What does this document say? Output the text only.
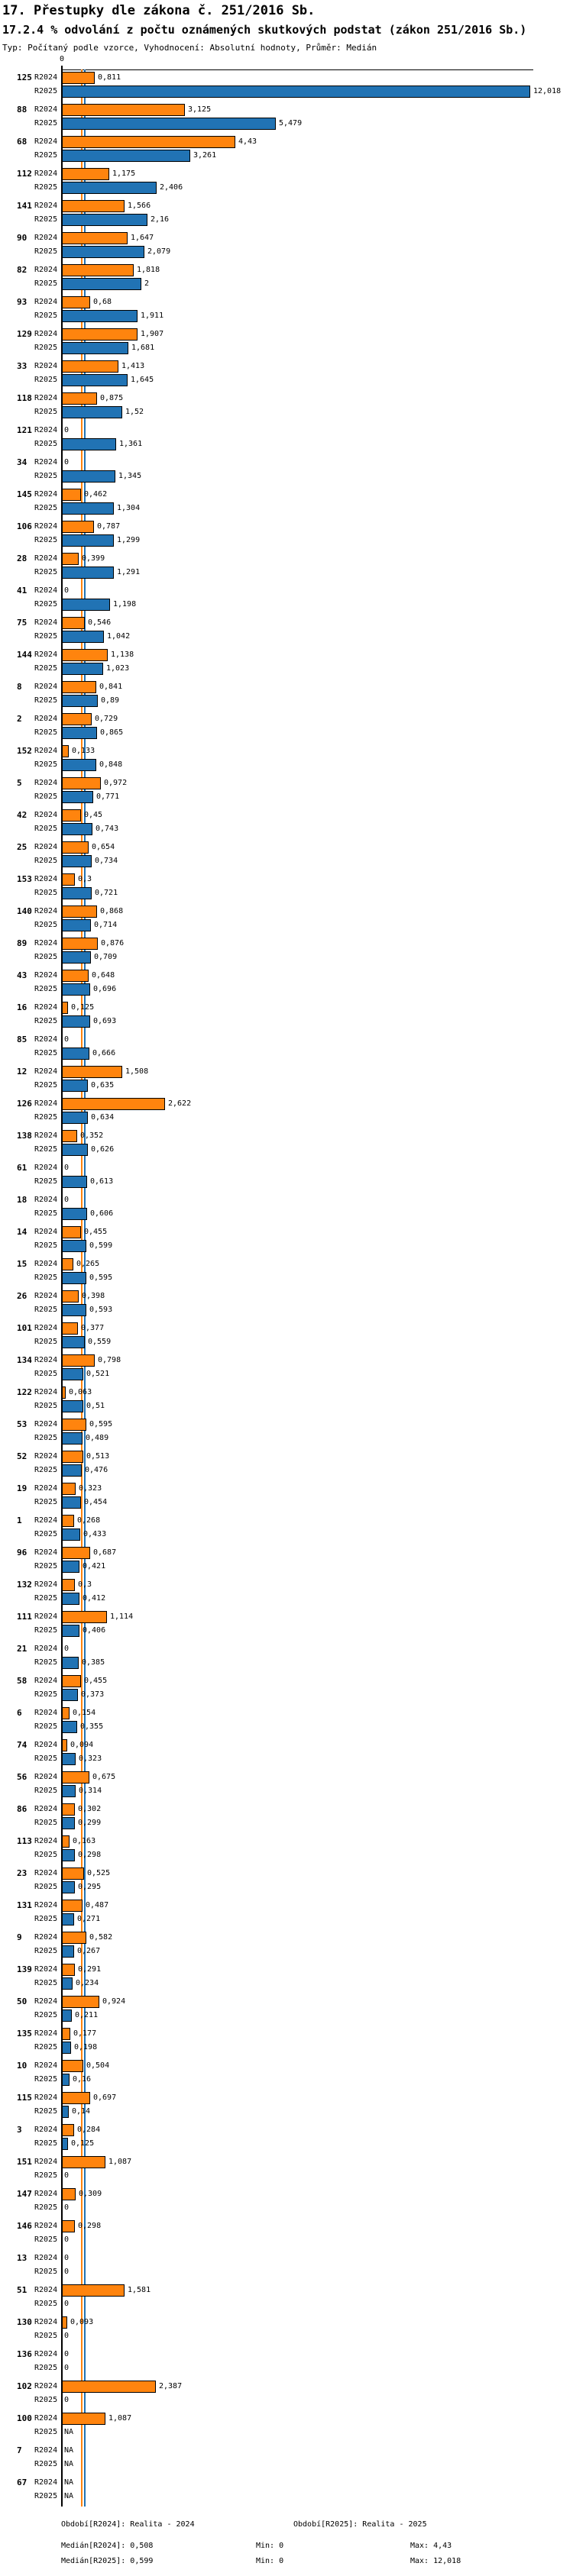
17. Přestupky dle zákona č. 251/2016 Sb.
17.2.4 % odvolání z počtu oznámených skutkových podstat (zákon 251/2016 Sb.)
Typ: Počítaný podle vzorce, Vyhodnocení: Absolutní hodnoty, Průměr: Medián
0
125 R2024	0,811
R2025	12,018
88 R2024	3,125
R2025	5,479
68 R2024	4,43
R2025	3,261
112 R2024	1,175
R2025	2,406
141 R2024	1,566
R2025	2,16
90 R2024	1,647
R2025	2,079
82 R2024	1,818
R2025	2
93 R2024	0,68
R2025	1,911
129 R2024	1,907
R2025	1,681
33 R2024	1,413
R2025	1,645
118 R2024	0,875
R2025	1,52
121 R2024 0
R2025	1,361
34 R2024 0
R2025	1,345
145 R2024	0,462
R2025	1,304
106 R2024	0,787
R2025	1,299
28 R2024	0,399
R2025	1,291
41 R2024 0
R2025	1,198
75 R2024	0,546
R2025	1,042
144 R2024	1,138
R2025	1,023
8 R2024	0,841
R2025	0,89
2 R2024	0,729
R2025	0,865
152 R2024 0,133
R2025	0,848
5 R2024	0,972
R2025	0,771
42 R2024	0,45
R2025	0,743
25 R2024	0,654
R2025	0,734
153 R2024	0,3
R2025	0,721
140 R2024	0,868
R2025	0,714
89 R2024	0,876
R2025	0,709
43 R2024	0,648
R2025	0,696
16 R2024 0,125
R2025	0,693
85 R2024 0
R2025	0,666
12 R2024	1,508
R2025	0,635
126 R2024	2,622
R2025	0,634
138 R2024	0,352
R2025	0,626
61 R2024 0
R2025	0,613
18 R2024 0
R2025	0,606
14 R2024	0,455
R2025	0,599
15 R2024 0,265
R2025	0,595
26 R2024	0,398
R2025	0,593
101 R2024	0,377
R2025	0,559
134 R2024	0,798
R2025	0,521
122 R2024 0,063
R2025	0,51
53 R2024	0,595
R2025	0,489
52 R2024	0,513
R2025	0,476
19 R2024	0,323
R2025	0,454
1 R2024	0,268
R2025	0,433
96 R2024	0,687
R2025	0,421
132 R2024	0,3
R2025	0,412
111 R2024	1,114
R2025	0,406
21 R2024 0
R2025	0,385
58 R2024	0,455
R2025	0,373
6 R2024 0,154
R2025	0,355
74 R2024 0,094
R2025	0,323
56 R2024	0,675
R2025	0,314
86 R2024	0,302
R2025	0,299
113 R2024 0,163
R2025	0,298
23 R2024	0,525
R2025	0,295
131 R2024	0,487
R2025	0,271
9 R2024	0,582
R2025	0,267
139 R2024	0,291
R2025 0,234
50 R2024	0,924
R2025 0,211
135 R2024 0,177
R2025 0,198
10 R2024	0,504
R2025 0,16
115 R2024	0,697
R2025 0,14
3 R2024	0,284
R2025 0,125
151 R2024	1,087
R2025 0
147 R2024	0,309
R2025 0
146 R2024	0,298
R2025 0
13 R2024 0
R2025 0
51 R2024	1,581
R2025 0
130 R2024 0,093
R2025 0
136 R2024 0
R2025 0
102 R2024	2,387
R2025 0
100 R2024	1,087
R2025 NA
7 R2024 NA
R2025 NA
67 R2024 NA
R2025 NA
Období[R2024]: Realita - 2024	Období[R2025]: Realita - 2025
Medián[R2024]: 0,508	Min: 0	Max: 4,43
Medián[R2025]: 0,599	Min: 0	Max: 12,018
